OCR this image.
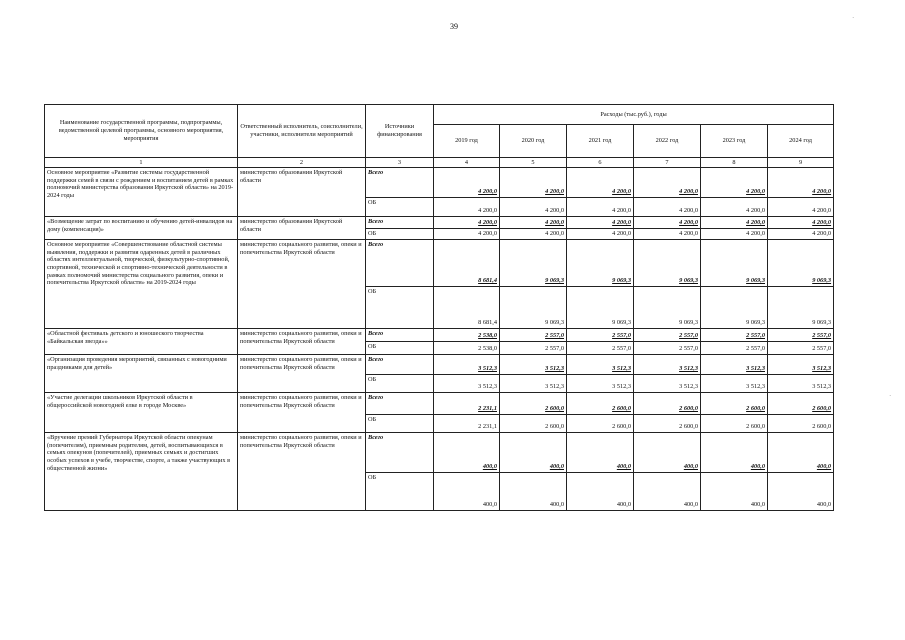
39
·
·
Наименование государственной программы, подпрограммы, ведомственной целевой программы, основного мероприятия, мероприятия	Ответственный исполнитель, соисполнители, участники, исполнители мероприятий	Источники финансирования	Расходы (тыс.руб.), годы					
			2019 год	2020 год	2021 год	2022 год	2023 год	2024 год
1	2	3	4	5	6	7	8	9
Основное мероприятие «Развитие системы государственной поддержки семей в связи с рождением и воспитанием детей в рамках полномочий министерства образования Иркутской области» на 2019-2024 годы	министерство образования Иркутской области	Всего	4 200,0	4 200,0	4 200,0	4 200,0	4 200,0	4 200,0
		ОБ	4 200,0	4 200,0	4 200,0	4 200,0	4 200,0	4 200,0
«Возмещение затрат по воспитанию и обучению детей-инвалидов на дому (компенсация)»	министерство образования Иркутской области	Всего	4 200,0	4 200,0	4 200,0	4 200,0	4 200,0	4 200,0
		ОБ	4 200,0	4 200,0	4 200,0	4 200,0	4 200,0	4 200,0
Основное мероприятие «Совершенствование областной системы выявления, поддержки и развития одаренных детей в различных областях интеллектуальной, творческой, физкультурно-спортивной, спортивной, технической и спортивно-технической деятельности в рамках полномочий министерства социального развития, опеки и попечительства Иркутской области» на 2019-2024 годы	министерство социального развития, опеки и попечительства Иркутской области	Всего	8 681,4	9 069,3	9 069,3	9 069,3	9 069,3	9 069,3
		ОБ	8 681,4	9 069,3	9 069,3	9 069,3	9 069,3	9 069,3
«Областной фестиваль детского и юношеского творчества «Байкальская звезда»»	министерство социального развития, опеки и попечительства Иркутской области	Всего	2 538,0	2 557,0	2 557,0	2 557,0	2 557,0	2 557,0
		ОБ	2 538,0	2 557,0	2 557,0	2 557,0	2 557,0	2 557,0
«Организация проведения мероприятий, связанных с новогодними праздниками для детей»	министерство социального развития, опеки и попечительства Иркутской области	Всего	3 512,3	3 512,3	3 512,3	3 512,3	3 512,3	3 512,3
		ОБ	3 512,3	3 512,3	3 512,3	3 512,3	3 512,3	3 512,3
«Участие делегации школьников Иркутской области в общероссийской новогодней елке в городе Москве»	министерство социального развития, опеки и попечительства Иркутской области	Всего	2 231,1	2 600,0	2 600,0	2 600,0	2 600,0	2 600,0
		ОБ	2 231,1	2 600,0	2 600,0	2 600,0	2 600,0	2 600,0
«Вручение премий Губернатора Иркутской области опекунам (попечителям), приемным родителям, детей, воспитывающихся в семьях опекунов (попечителей), приемных семьях и достигших особых успехов в учебе, творчестве, спорте, а также участвующих в общественной жизни»	министерство социального развития, опеки и попечительства Иркутской области	Всего	400,0	400,0	400,0	400,0	400,0	400,0
		ОБ	400,0	400,0	400,0	400,0	400,0	400,0
